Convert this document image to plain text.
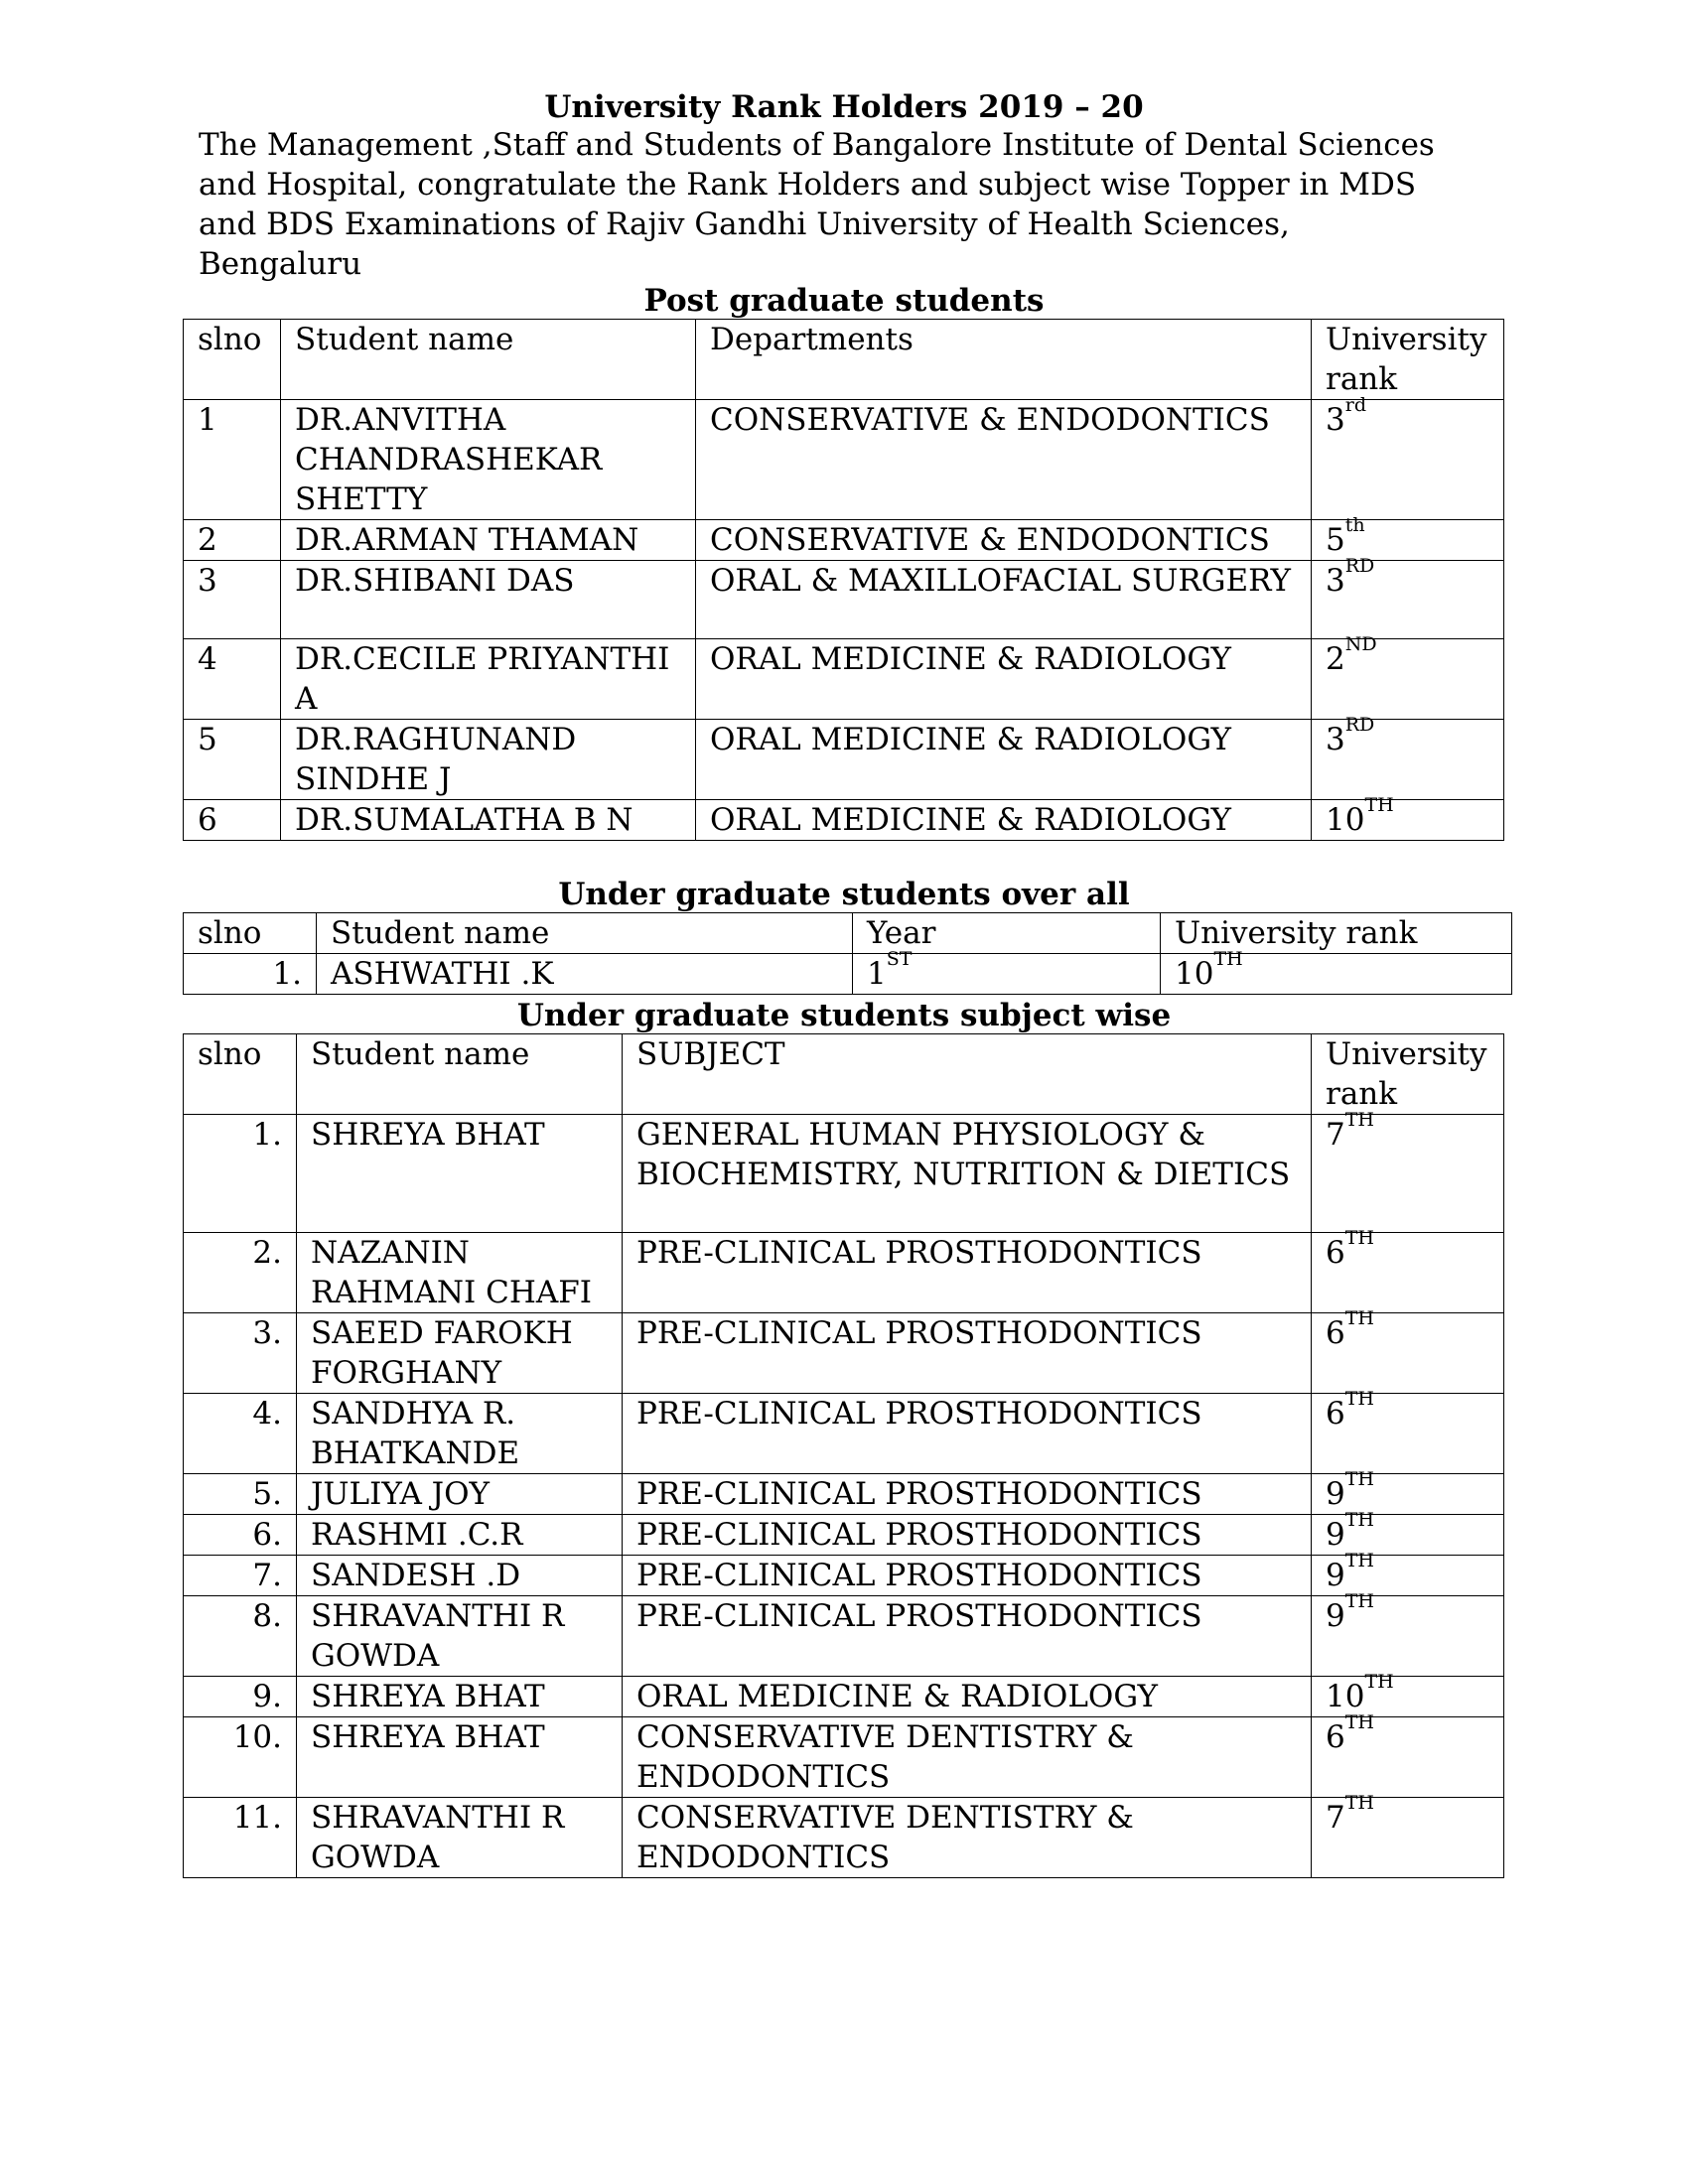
University Rank Holders 2019 – 20
The Management ,Staff and Students of Bangalore Institute of Dental Sciences
and Hospital, congratulate the Rank Holders and subject wise Topper in MDS
and BDS Examinations of Rajiv Gandhi University of Health Sciences,
Bengaluru
Post graduate students
slno	Student name	Departments	University rank
1	DR.ANVITHA CHANDRASHEKAR SHETTY	CONSERVATIVE & ENDODONTICS	3rd
2	DR.ARMAN THAMAN	CONSERVATIVE & ENDODONTICS	5th
3	DR.SHIBANI DAS	ORAL & MAXILLOFACIAL SURGERY	3RD
4	DR.CECILE PRIYANTHI A	ORAL MEDICINE & RADIOLOGY	2ND
5	DR.RAGHUNAND SINDHE J	ORAL MEDICINE & RADIOLOGY	3RD
6	DR.SUMALATHA B N	ORAL MEDICINE & RADIOLOGY	10TH
Under graduate students over all
slno	Student name	Year	University rank
1.	ASHWATHI .K	1ST	10TH
Under graduate students subject wise
slno	Student name	SUBJECT	University rank
1.	SHREYA BHAT	GENERAL HUMAN PHYSIOLOGY & BIOCHEMISTRY, NUTRITION & DIETICS	7TH
2.	NAZANIN RAHMANI CHAFI	PRE-CLINICAL PROSTHODONTICS	6TH
3.	SAEED FAROKH FORGHANY	PRE-CLINICAL PROSTHODONTICS	6TH
4.	SANDHYA R. BHATKANDE	PRE-CLINICAL PROSTHODONTICS	6TH
5.	JULIYA JOY	PRE-CLINICAL PROSTHODONTICS	9TH
6.	RASHMI .C.R	PRE-CLINICAL PROSTHODONTICS	9TH
7.	SANDESH .D	PRE-CLINICAL PROSTHODONTICS	9TH
8.	SHRAVANTHI R GOWDA	PRE-CLINICAL PROSTHODONTICS	9TH
9.	SHREYA BHAT	ORAL MEDICINE & RADIOLOGY	10TH
10.	SHREYA BHAT	CONSERVATIVE DENTISTRY & ENDODONTICS	6TH
11.	SHRAVANTHI R GOWDA	CONSERVATIVE DENTISTRY & ENDODONTICS	7TH
